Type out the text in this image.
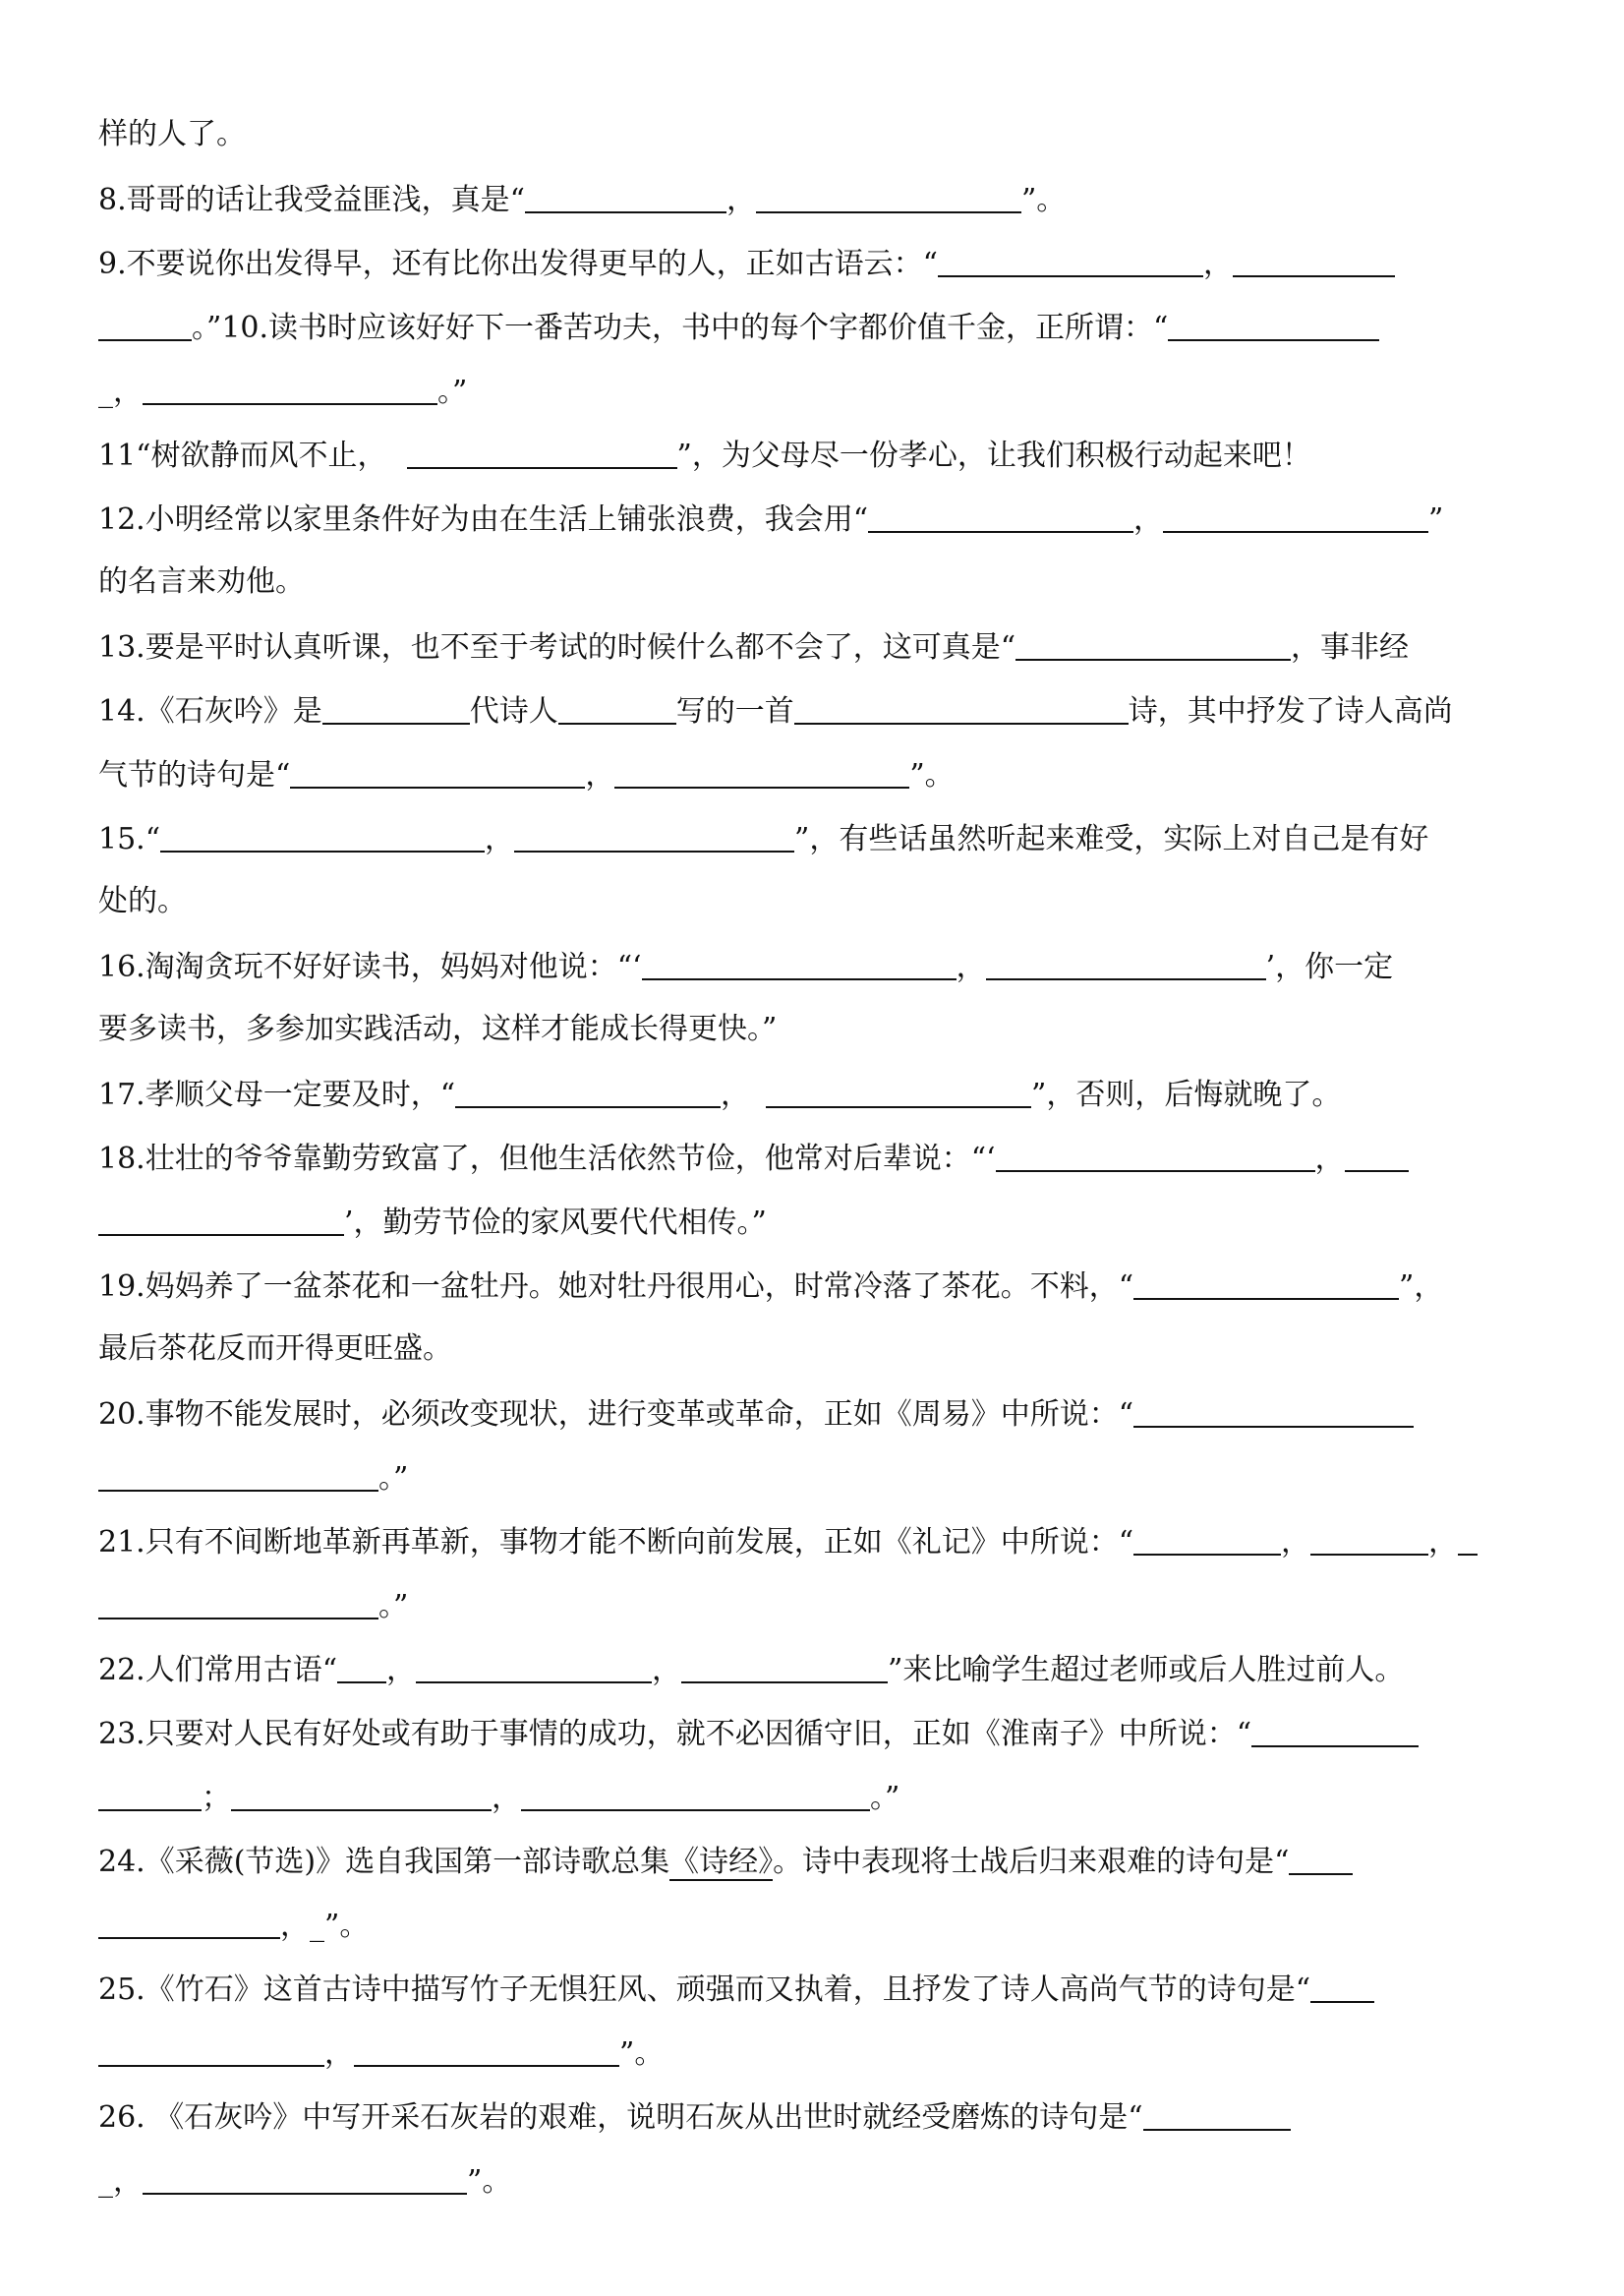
样的人了。
8.哥哥的话让我受益匪浅，真是“	，	”。
9.不要说你出发得早，还有比你出发得更早的人，正如古语云：“	，
。”10.读书时应该好好下一番苦功夫，书中的每个字都价值千金，正所谓：“
_，	。”
11“树欲静而风不止，	”，为父母尽一份孝心，让我们积极行动起来吧！
12.小明经常以家里条件好为由在生活上铺张浪费，我会用“	，	”
的名言来劝他。
13.要是平时认真听课，也不至于考试的时候什么都不会了，这可真是“	，事非经
14.《石灰吟》是	代诗人	写的一首	诗，其中抒发了诗人高尚
气节的诗句是“	，	”。
15.“	，	”，有些话虽然听起来难受，实际上对自己是有好
处的。
16.淘淘贪玩不好好读书，妈妈对他说：“‘	，	’，你一定
要多读书，多参加实践活动，这样才能成长得更快。”
17.孝顺父母一定要及时，“	，	”，否则，后悔就晚了。
18.壮壮的爷爷靠勤劳致富了，但他生活依然节俭，他常对后辈说：“‘	，
’，勤劳节俭的家风要代代相传。”
19.妈妈养了一盆茶花和一盆牡丹。她对牡丹很用心，时常冷落了茶花。不料，“	”，
最后茶花反而开得更旺盛。
20.事物不能发展时，必须改变现状，进行变革或革命，正如《周易》中所说：“
。”
21.只有不间断地革新再革新，事物才能不断向前发展，正如《礼记》中所说：“	，	，
。”
22.人们常用古语“ ，	，	”来比喻学生超过老师或后人胜过前人。
23.只要对人民有好处或有助于事情的成功，就不必因循守旧，正如《淮南子》中所说：“
；	，	。”
24.《采薇(节选)》选自我国第一部诗歌总集《诗经》。诗中表现将士战后归来艰难的诗句是“
，_”。
25.《竹石》这首古诗中描写竹子无惧狂风、顽强而又执着，且抒发了诗人高尚气节的诗句是“
，	”。
26. 《石灰吟》中写开采石灰岩的艰难，说明石灰从出世时就经受磨炼的诗句是“
_，	”。
